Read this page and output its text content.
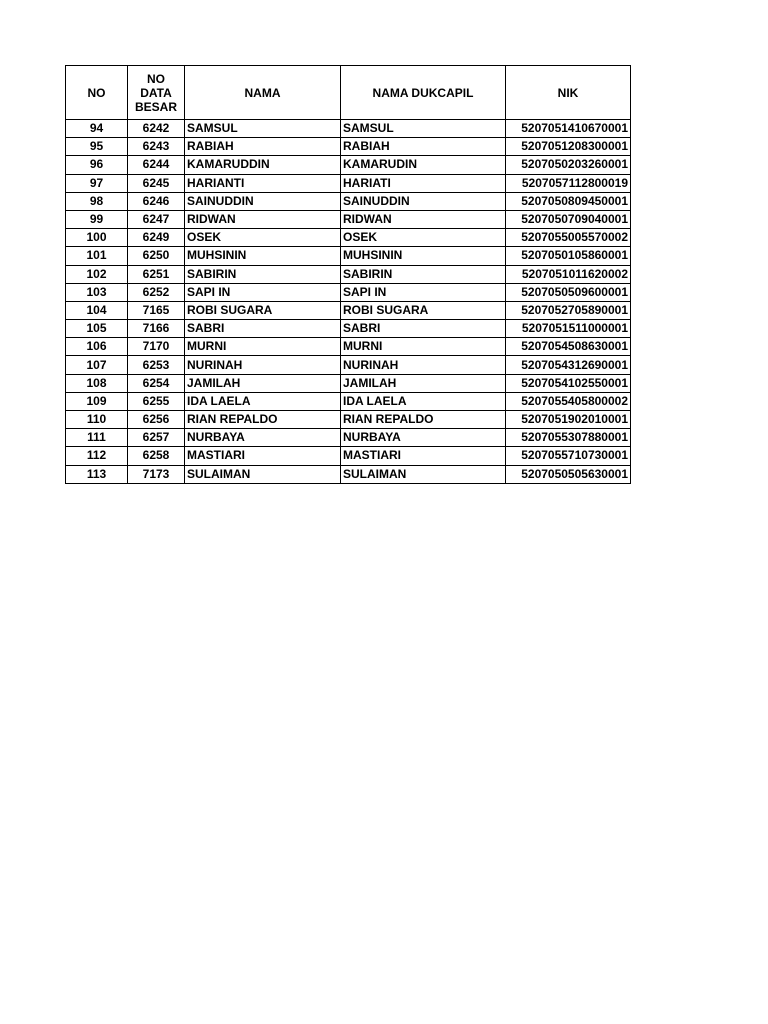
NO	NO DATA BESAR	NAMA	NAMA DUKCAPIL	NIK
94	6242	SAMSUL	SAMSUL	5207051410670001
95	6243	RABIAH	RABIAH	5207051208300001
96	6244	KAMARUDDIN	KAMARUDIN	5207050203260001
97	6245	HARIANTI	HARIATI	5207057112800019
98	6246	SAINUDDIN	SAINUDDIN	5207050809450001
99	6247	RIDWAN	RIDWAN	5207050709040001
100	6249	OSEK	OSEK	5207055005570002
101	6250	MUHSININ	MUHSININ	5207050105860001
102	6251	SABIRIN	SABIRIN	5207051011620002
103	6252	SAPI IN	SAPI IN	5207050509600001
104	7165	ROBI SUGARA	ROBI SUGARA	5207052705890001
105	7166	SABRI	SABRI	5207051511000001
106	7170	MURNI	MURNI	5207054508630001
107	6253	NURINAH	NURINAH	5207054312690001
108	6254	JAMILAH	JAMILAH	5207054102550001
109	6255	IDA LAELA	IDA LAELA	5207055405800002
110	6256	RIAN REPALDO	RIAN REPALDO	5207051902010001
111	6257	NURBAYA	NURBAYA	5207055307880001
112	6258	MASTIARI	MASTIARI	5207055710730001
113	7173	SULAIMAN	SULAIMAN	5207050505630001
